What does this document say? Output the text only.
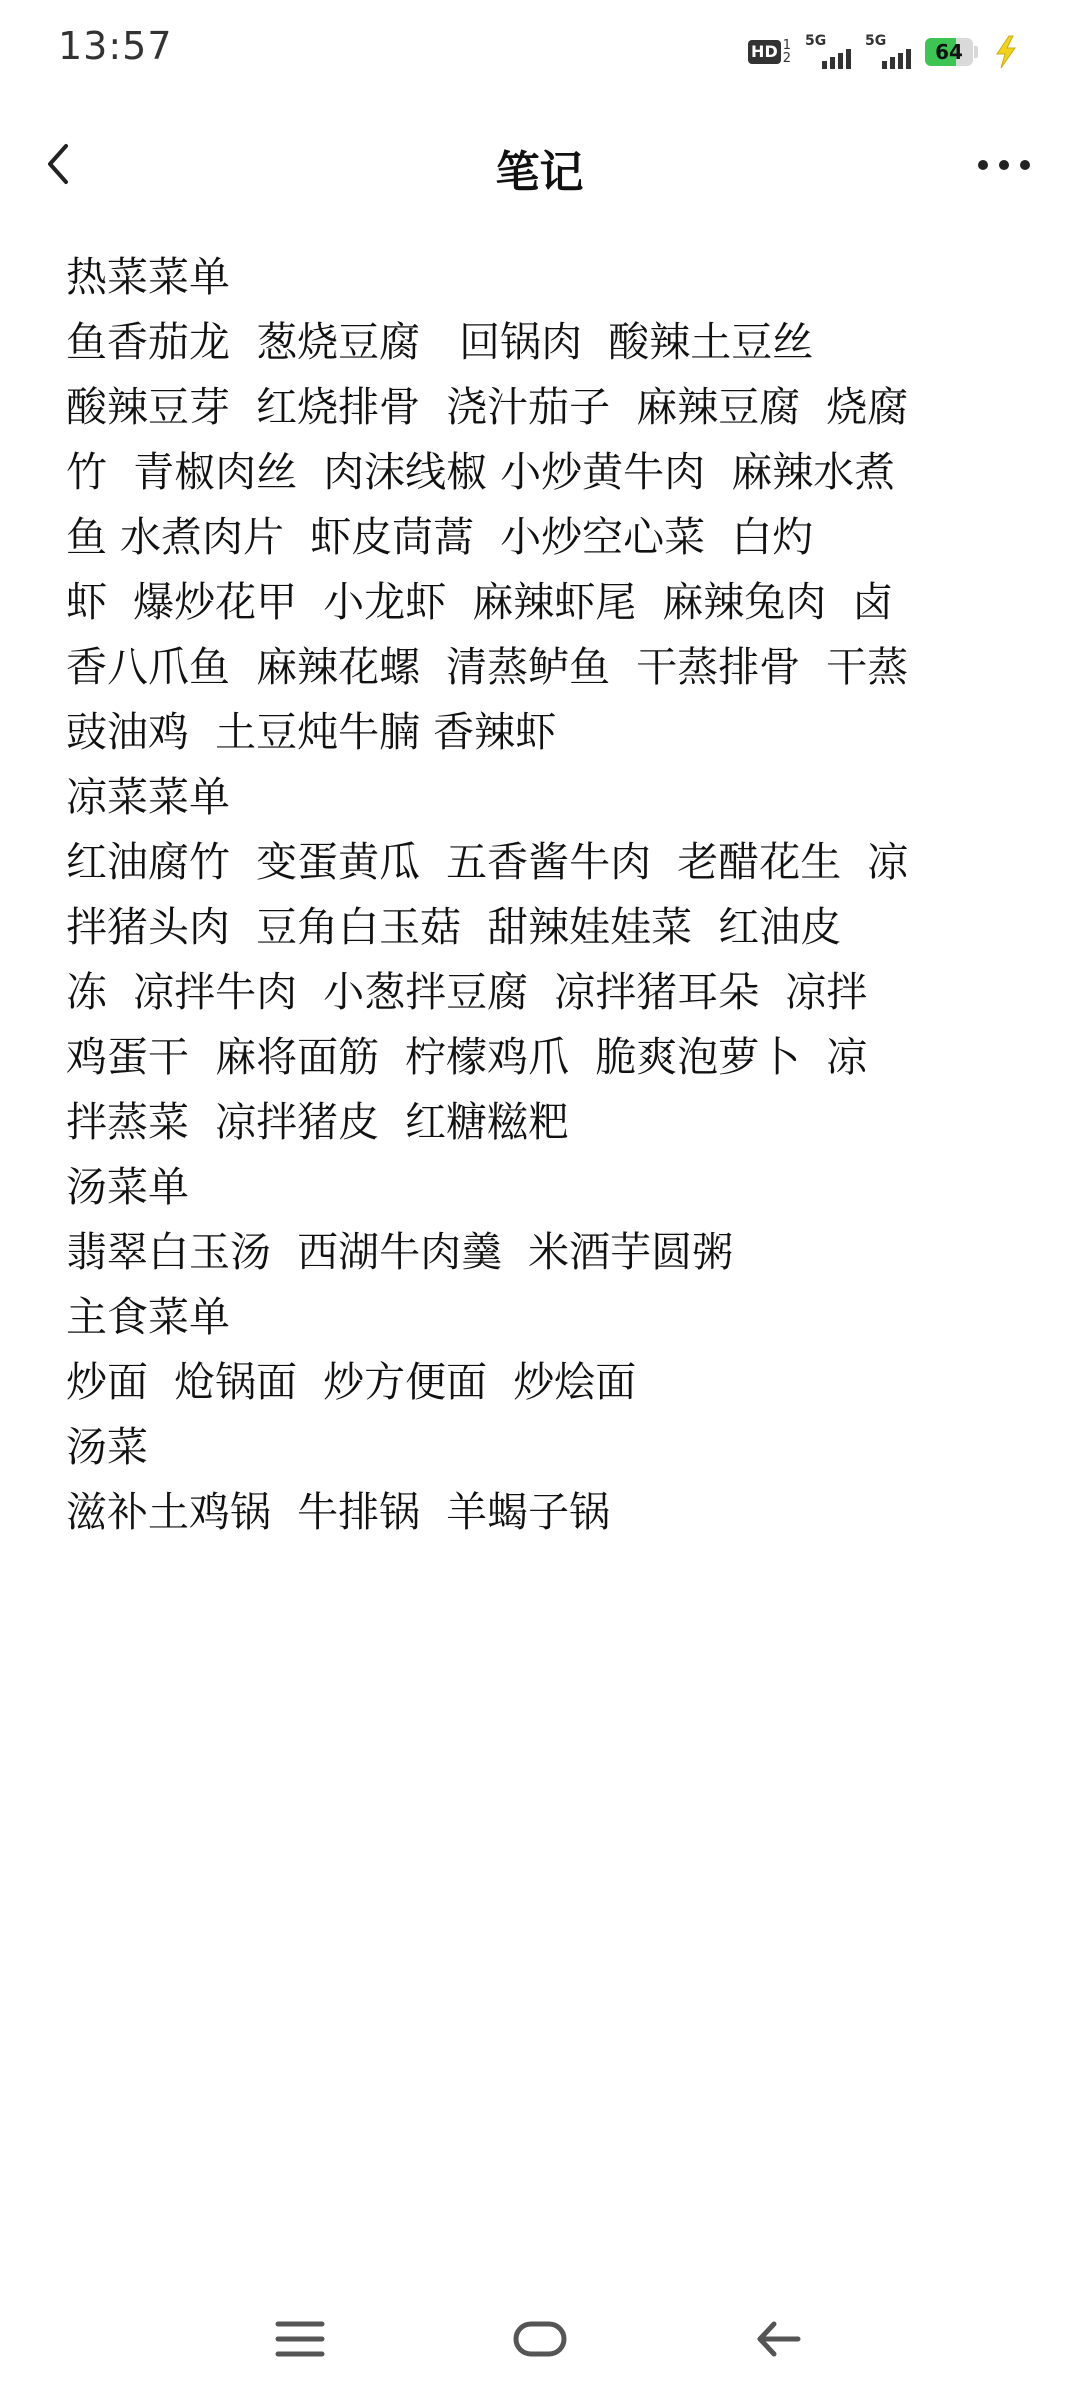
13:57	HD 1
2
5G	5G	64
笔记
热菜菜单
鱼香茄龙  葱烧豆腐   回锅肉  酸辣土豆丝
酸辣豆芽  红烧排骨  浇汁茄子  麻辣豆腐  烧腐
竹  青椒肉丝  肉沫线椒 小炒黄牛肉  麻辣水煮
鱼 水煮肉片  虾皮茼蒿  小炒空心菜  白灼
虾  爆炒花甲  小龙虾  麻辣虾尾  麻辣兔肉  卤
香八爪鱼  麻辣花螺  清蒸鲈鱼  干蒸排骨  干蒸
豉油鸡  土豆炖牛腩 香辣虾
凉菜菜单
红油腐竹  变蛋黄瓜  五香酱牛肉  老醋花生  凉
拌猪头肉  豆角白玉菇  甜辣娃娃菜  红油皮
冻  凉拌牛肉  小葱拌豆腐  凉拌猪耳朵  凉拌
鸡蛋干  麻将面筋  柠檬鸡爪  脆爽泡萝卜  凉
拌蒸菜  凉拌猪皮  红糖糍粑
汤菜单
翡翠白玉汤  西湖牛肉羹  米酒芋圆粥
主食菜单
炒面  炝锅面  炒方便面  炒烩面
汤菜
滋补土鸡锅  牛排锅  羊蝎子锅
